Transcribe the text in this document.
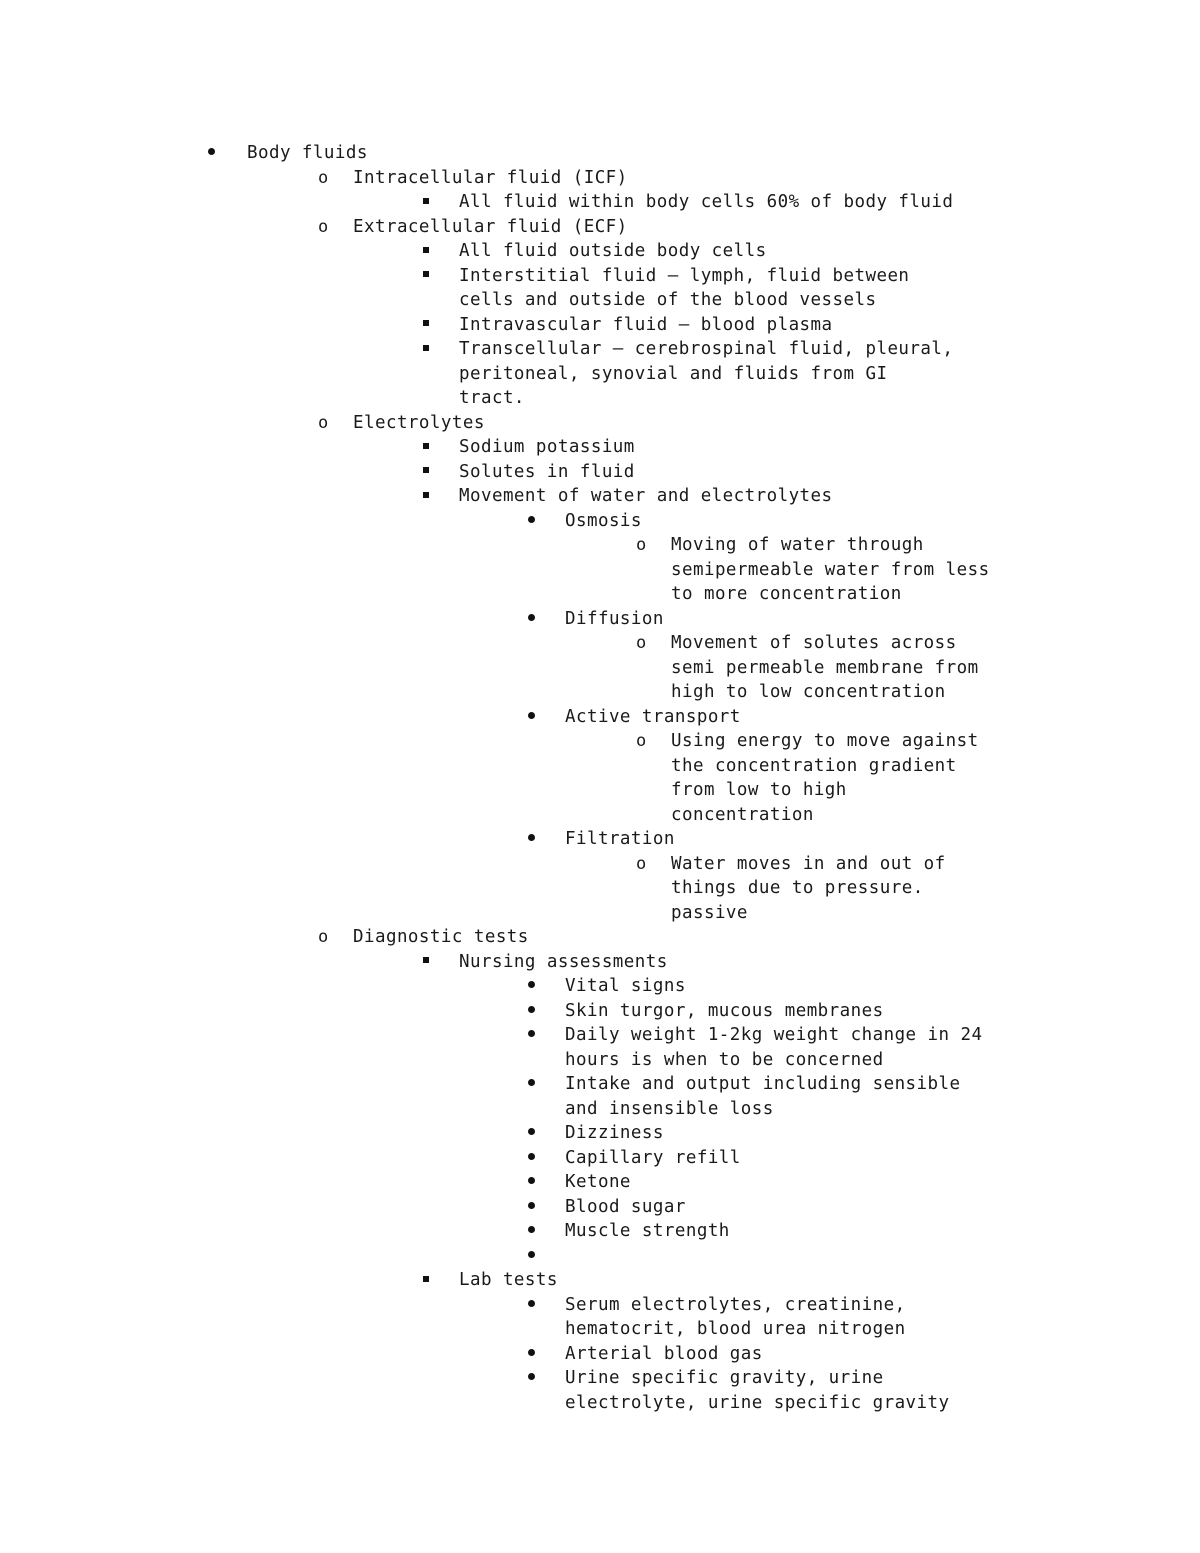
Body fluids
o Intracellular fluid (ICF)
All fluid within body cells 60% of body fluid
o Extracellular fluid (ECF)
All fluid outside body cells
Interstitial fluid – lymph, fluid between
cells and outside of the blood vessels
Intravascular fluid – blood plasma
Transcellular – cerebrospinal fluid, pleural,
peritoneal, synovial and fluids from GI
tract.
o Electrolytes
Sodium potassium
Solutes in fluid
Movement of water and electrolytes
Osmosis
o Moving of water through
semipermeable water from less
to more concentration
Diffusion
o Movement of solutes across
semi permeable membrane from
high to low concentration
Active transport
o Using energy to move against
the concentration gradient
from low to high
concentration
Filtration
o Water moves in and out of
things due to pressure.
passive
o Diagnostic tests
Nursing assessments
Vital signs
Skin turgor, mucous membranes
Daily weight 1-2kg weight change in 24
hours is when to be concerned
Intake and output including sensible
and insensible loss
Dizziness
Capillary refill
Ketone
Blood sugar
Muscle strength
Lab tests
Serum electrolytes, creatinine,
hematocrit, blood urea nitrogen
Arterial blood gas
Urine specific gravity, urine
electrolyte, urine specific gravity
